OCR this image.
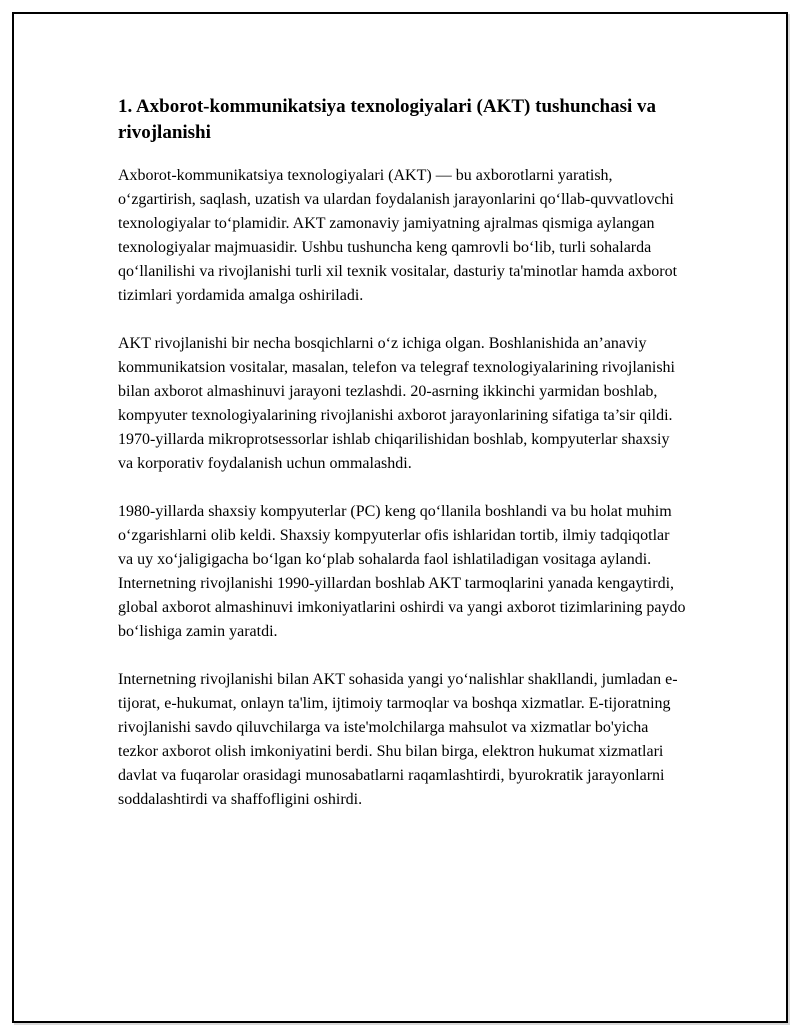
1. Axborot-kommunikatsiya texnologiyalari (AKT) tushunchasi va rivojlanishi

Axborot-kommunikatsiya texnologiyalari (AKT) — bu axborotlarni yaratish, o‘zgartirish, saqlash, uzatish va ulardan foydalanish jarayonlarini qo‘llab-quvvatlovchi texnologiyalar to‘plamidir. AKT zamonaviy jamiyatning ajralmas qismiga aylangan texnologiyalar majmuasidir. Ushbu tushuncha keng qamrovli bo‘lib, turli sohalarda qo‘llanilishi va rivojlanishi turli xil texnik vositalar, dasturiy ta'minotlar hamda axborot tizimlari yordamida amalga oshiriladi.

AKT rivojlanishi bir necha bosqichlarni o‘z ichiga olgan. Boshlanishida an’anaviy kommunikatsion vositalar, masalan, telefon va telegraf texnologiyalarining rivojlanishi bilan axborot almashinuvi jarayoni tezlashdi. 20-asrning ikkinchi yarmidan boshlab, kompyuter texnologiyalarining rivojlanishi axborot jarayonlarining sifatiga ta’sir qildi. 1970-yillarda mikroprotsessorlar ishlab chiqarilishidan boshlab, kompyuterlar shaxsiy va korporativ foydalanish uchun ommalashdi.

1980-yillarda shaxsiy kompyuterlar (PC) keng qo‘llanila boshlandi va bu holat muhim o‘zgarishlarni olib keldi. Shaxsiy kompyuterlar ofis ishlaridan tortib, ilmiy tadqiqotlar va uy xo‘jaligigacha bo‘lgan ko‘plab sohalarda faol ishlatiladigan vositaga aylandi. Internetning rivojlanishi 1990-yillardan boshlab AKT tarmoqlarini yanada kengaytirdi, global axborot almashinuvi imkoniyatlarini oshirdi va yangi axborot tizimlarining paydo bo‘lishiga zamin yaratdi.

Internetning rivojlanishi bilan AKT sohasida yangi yo‘nalishlar shakllandi, jumladan e-tijorat, e-hukumat, onlayn ta'lim, ijtimoiy tarmoqlar va boshqa xizmatlar. E-tijoratning rivojlanishi savdo qiluvchilarga va iste'molchilarga mahsulot va xizmatlar bo'yicha tezkor axborot olish imkoniyatini berdi. Shu bilan birga, elektron hukumat xizmatlari davlat va fuqarolar orasidagi munosabatlarni raqamlashtirdi, byurokratik jarayonlarni soddalashtirdi va shaffofligini oshirdi.
